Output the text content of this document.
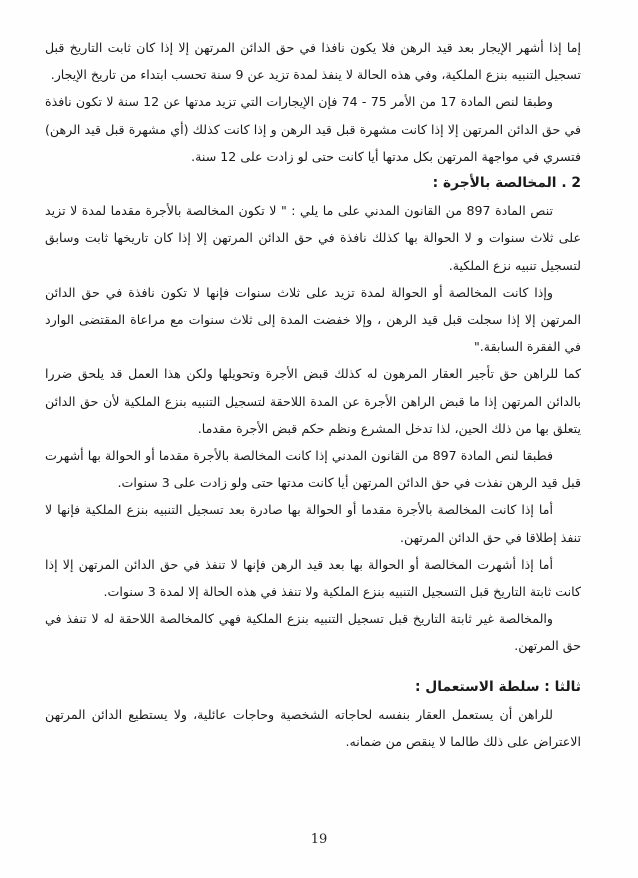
إما إذا أشهر الإيجار بعد قيد الرهن فلا يكون نافذا في حق الدائن المرتهن إلا إذا كان ثابت التاريخ قبل تسجيل التنبيه بنزع الملكية، وفي هذه الحالة لا ينفذ لمدة تزيد عن 9 سنة تحسب ابتداء من تاريخ الإيجار.

وطبقا لنص المادة 17 من الأمر 75 - 74 فإن الإيجارات التي تزيد مدتها عن 12 سنة لا تكون نافذة في حق الدائن المرتهن إلا إذا كانت مشهرة قبل قيد الرهن و إذا كانت كذلك (أي مشهرة قبل قيد الرهن) فتسري في مواجهة المرتهن بكل مدتها أيا كانت حتى لو زادت على 12 سنة.

2 . المخالصة بالأجرة :

تنص المادة 897 من القانون المدني على ما يلي : " لا تكون المخالصة بالأجرة مقدما لمدة لا تزيد على ثلاث سنوات و لا الحوالة بها كذلك نافذة في حق الدائن المرتهن إلا إذا كان تاريخها ثابت وسابق لتسجيل تنبيه نزع الملكية.

وإذا كانت المخالصة أو الحوالة لمدة تزيد على ثلاث سنوات فإنها لا تكون نافذة في حق الدائن المرتهن إلا إذا سجلت قبل قيد الرهن ، وإلا خفضت المدة إلى ثلاث سنوات مع مراعاة المقتضى الوارد في الفقرة السابقة."

كما للراهن حق تأجير العقار المرهون له كذلك قبض الأجرة وتحويلها ولكن هذا العمل قد يلحق ضررا بالدائن المرتهن إذا ما قبض الراهن الأجرة عن المدة اللاحقة لتسجيل التنبيه بنزع الملكية لأن حق الدائن يتعلق بها من ذلك الحين، لذا تدخل المشرع ونظم حكم قبض الأجرة مقدما.

فطبقا لنص المادة 897 من القانون المدني إذا كانت المخالصة بالأجرة مقدما أو الحوالة بها أشهرت قبل قيد الرهن نفذت في حق الدائن المرتهن أيا كانت مدتها حتى ولو زادت على 3 سنوات.

أما إذا كانت المخالصة بالأجرة مقدما أو الحوالة بها صادرة بعد تسجيل التنبيه بنزع الملكية فإنها لا تنفذ إطلاقا في حق الدائن المرتهن.

أما إذا أشهرت المخالصة أو الحوالة بها بعد قيد الرهن فإنها لا تنفذ في حق الدائن المرتهن إلا إذا كانت ثابتة التاريخ قبل التسجيل التنبيه بنزع الملكية ولا تنفذ في هذه الحالة إلا لمدة 3 سنوات.

والمخالصة غير ثابتة التاريخ قبل تسجيل التنبيه بنزع الملكية فهي كالمخالصة اللاحقة له لا تنفذ في حق المرتهن.

ثالثا : سلطة الاستعمال :

للراهن أن يستعمل العقار بنفسه لحاجاته الشخصية وحاجات عائلية، ولا يستطيع الدائن المرتهن الاعتراض على ذلك طالما لا ينقص من ضمانه.

19
